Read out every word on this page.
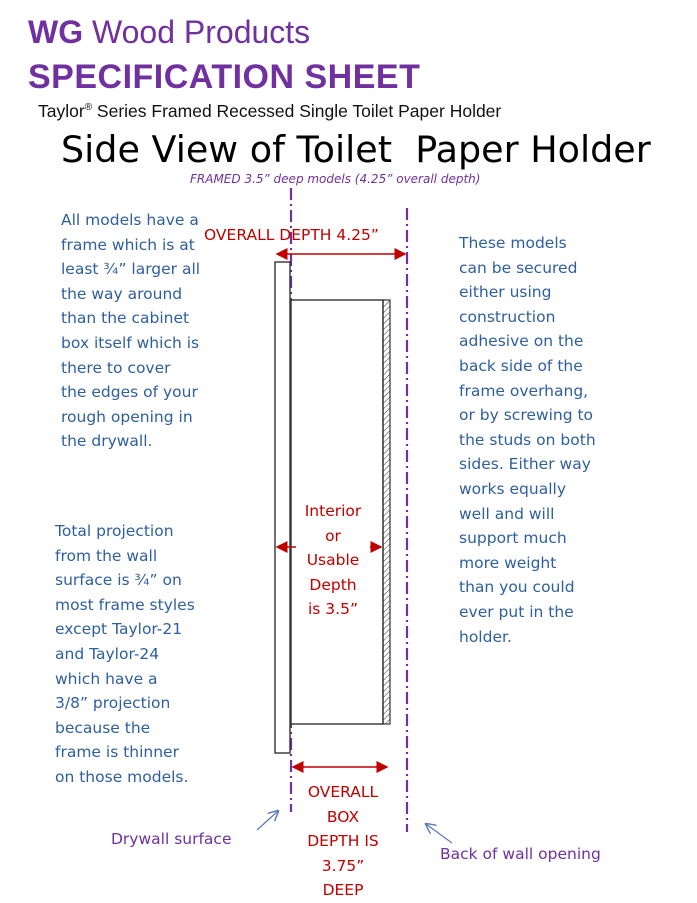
WG Wood Products
SPECIFICATION SHEET
Taylor® Series Framed Recessed Single Toilet Paper Holder
Side View of Toilet  Paper Holder
FRAMED 3.5” deep models (4.25” overall depth)
OVERALL DEPTH 4.25”
Interior
or
Usable
Depth
is 3.5”
OVERALL
BOX
DEPTH IS
3.75”
DEEP
All models have a
frame which is at
least ¾” larger all
the way around
than the cabinet
box itself which is
there to cover
the edges of your
rough opening in
the drywall.
Total projection
from the wall
surface is ¾” on
most frame styles
except Taylor-21
and Taylor-24
which have a
3/8” projection
because the
frame is thinner
on those models.
These models
can be secured
either using
construction
adhesive on the
back side of the
frame overhang,
or by screwing to
the studs on both
sides. Either way
works equally
well and will
support much
more weight
than you could
ever put in the
holder.
Drywall surface
Back of wall opening
